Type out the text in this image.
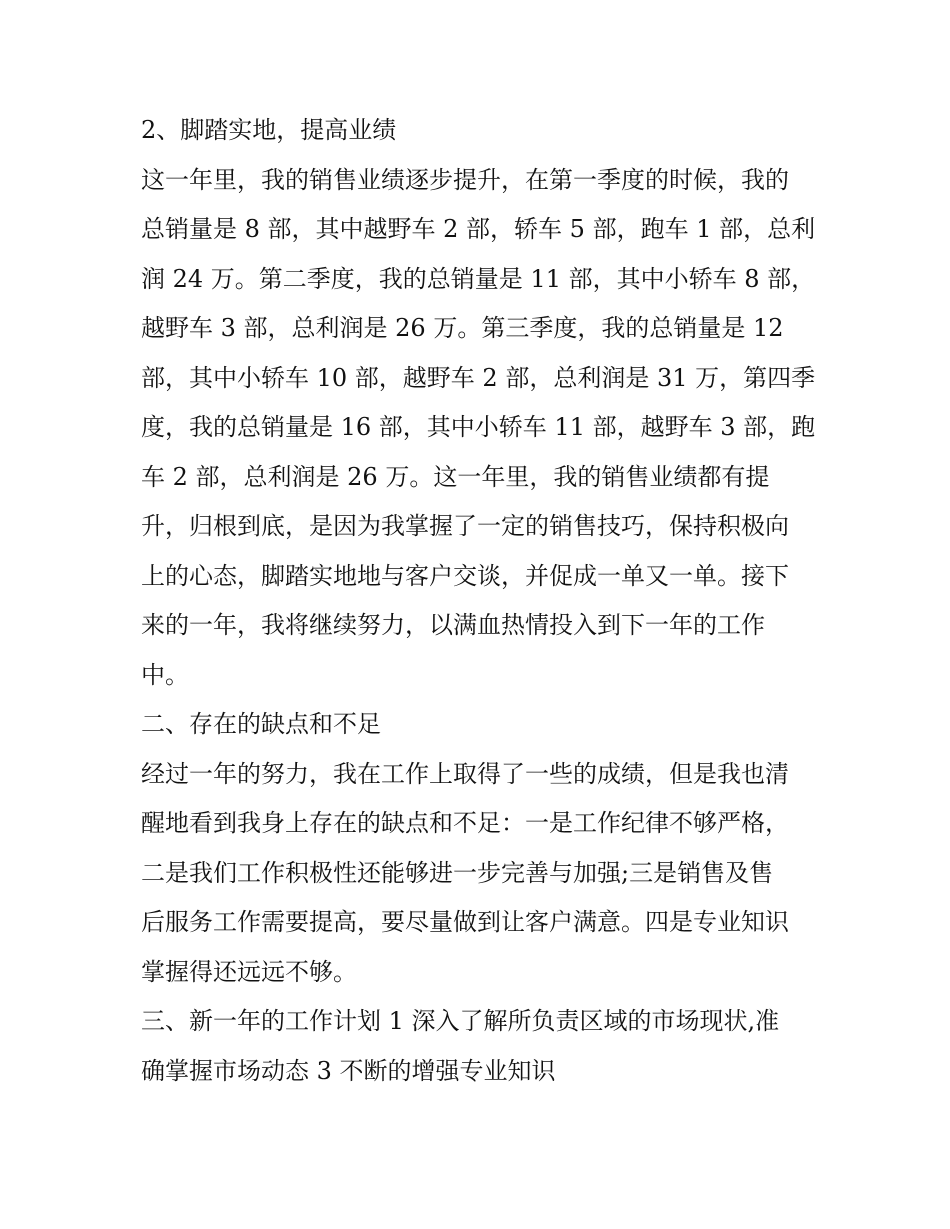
2、脚踏实地，提高业绩
这一年里，我的销售业绩逐步提升，在第一季度的时候，我的
总销量是 8 部，其中越野车 2 部，轿车 5 部，跑车 1 部，总利
润 24 万。第二季度，我的总销量是 11 部，其中小轿车 8 部，
越野车 3 部，总利润是 26 万。第三季度，我的总销量是 12
部，其中小轿车 10 部，越野车 2 部，总利润是 31 万，第四季
度，我的总销量是 16 部，其中小轿车 11 部，越野车 3 部，跑
车 2 部，总利润是 26 万。这一年里，我的销售业绩都有提
升，归根到底，是因为我掌握了一定的销售技巧，保持积极向
上的心态，脚踏实地地与客户交谈，并促成一单又一单。接下
来的一年，我将继续努力，以满血热情投入到下一年的工作
中。
二、存在的缺点和不足
经过一年的努力，我在工作上取得了一些的成绩，但是我也清
醒地看到我身上存在的缺点和不足：一是工作纪律不够严格，
二是我们工作积极性还能够进一步完善与加强;三是销售及售
后服务工作需要提高，要尽量做到让客户满意。四是专业知识
掌握得还远远不够。
三、新一年的工作计划 1 深入了解所负责区域的市场现状,准
确掌握市场动态 3 不断的增强专业知识
